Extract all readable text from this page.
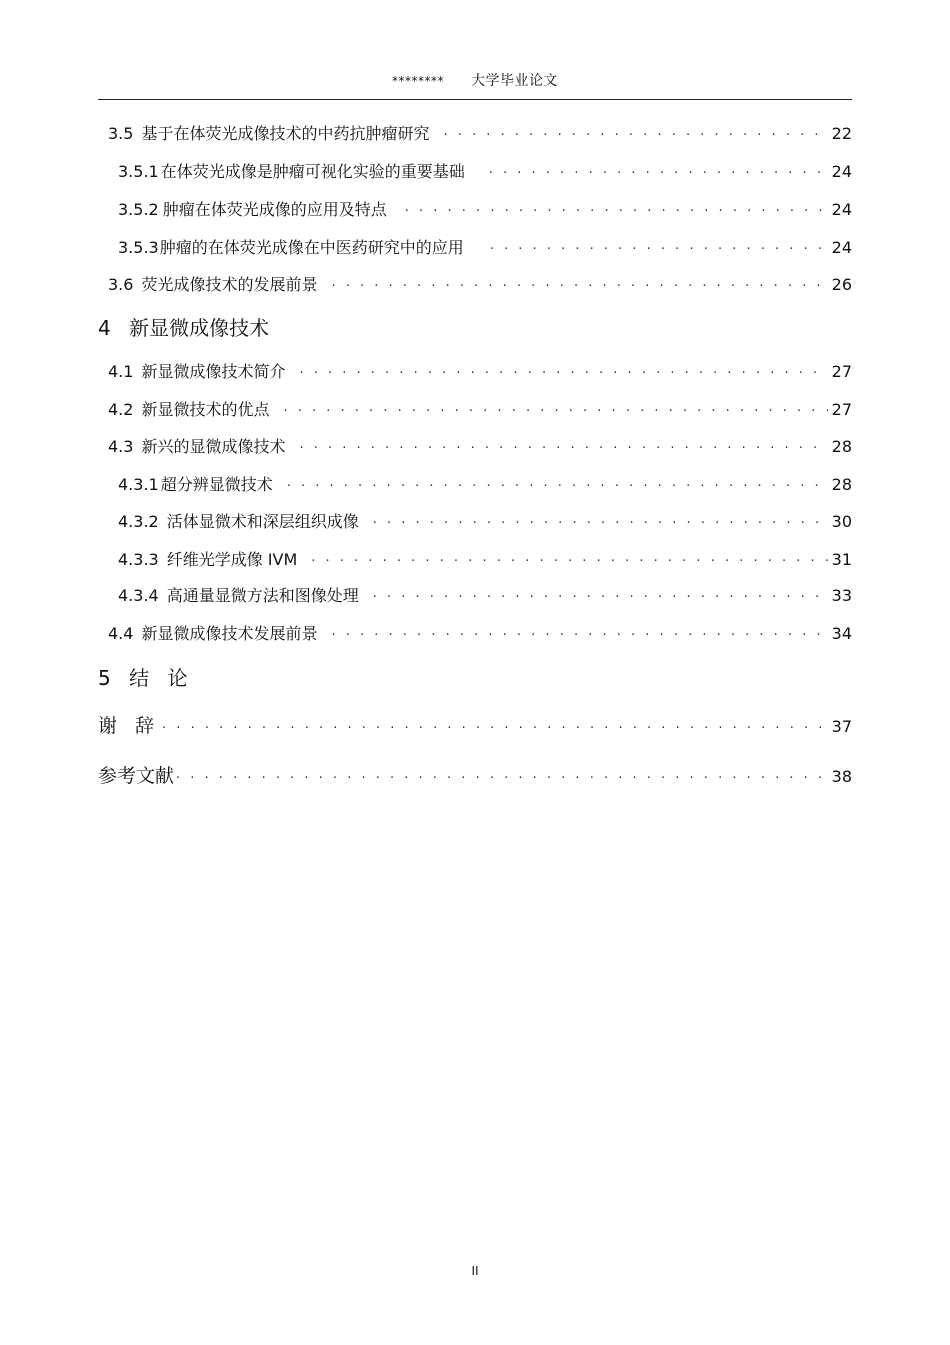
******** 大学毕业论文
3.5 基于在体荧光成像技术的中药抗肿瘤研究 · · ·	22
3.5.1 在体荧光成像是肿瘤可视化实验的重要基础 · · ·	24
3.5.2 肿瘤在体荧光成像的应用及特点 · · ·	24
3.5.3 肿瘤的在体荧光成像在中医药研究中的应用 · · ·	24
3.6 荧光成像技术的发展前景 · · ·	26
4 新显微成像技术
4.1 新显微成像技术简介 · · ·	27
4.2 新显微技术的优点 · · ·	27
4.3 新兴的显微成像技术 · · ·	28
4.3.1 超分辨显微技术 · · ·	28
4.3.2 活体显微术和深层组织成像 · · ·	30
4.3.3 纤维光学成像 IVM · · ·	31
4.3.4 高通量显微方法和图像处理 · · ·	33
4.4 新显微成像技术发展前景 · · ·	34
5 结 论
谢 辞 · · ·	37
参考文献 · · ·	38
II
